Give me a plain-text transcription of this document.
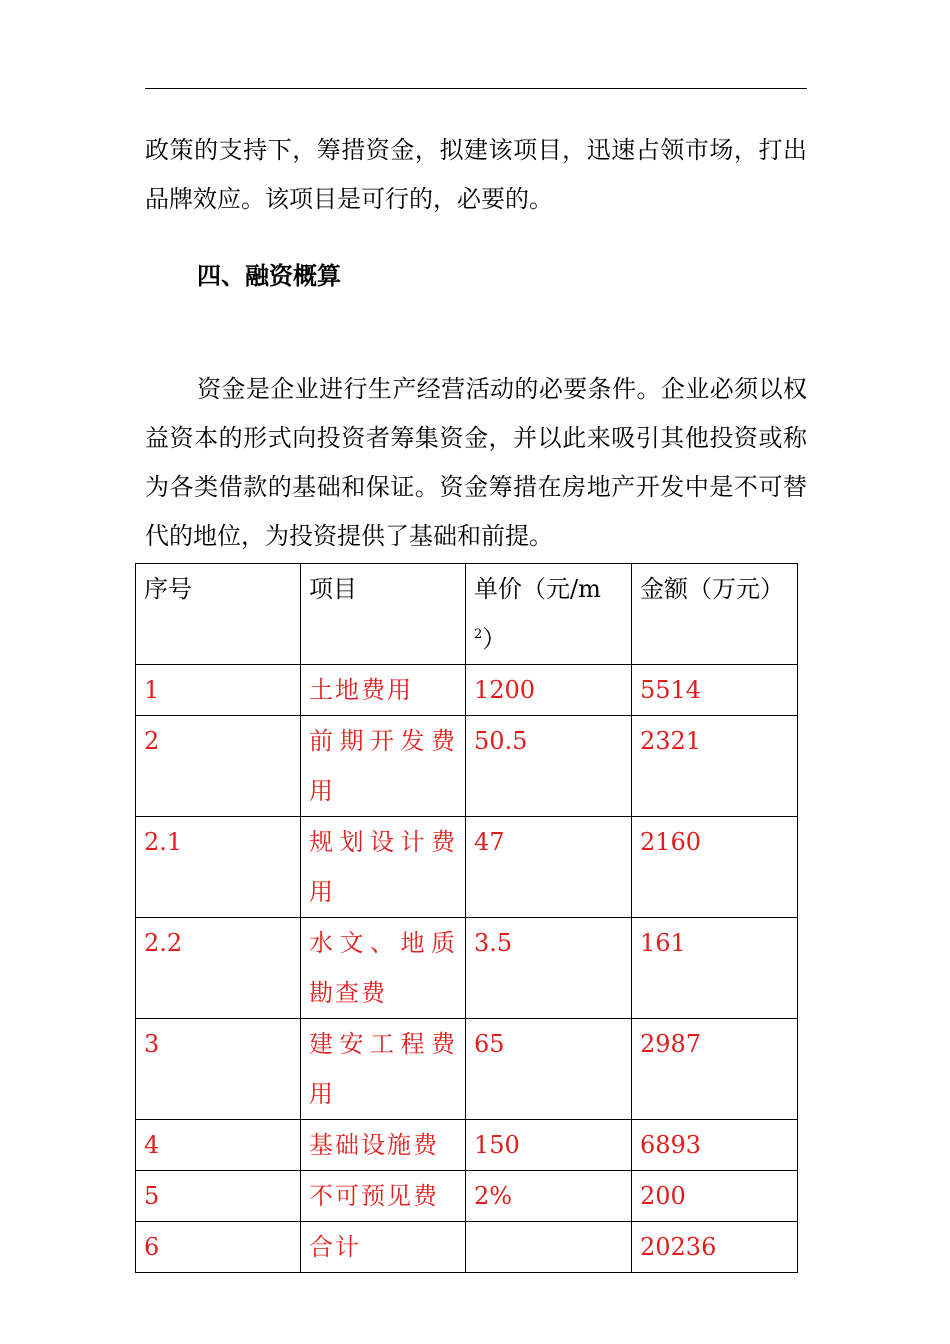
政策的支持下，筹措资金，拟建该项目，迅速占领市场，打出品牌效应。该项目是可行的，必要的。

四、融资概算

资金是企业进行生产经营活动的必要条件。企业必须以权益资本的形式向投资者筹集资金，并以此来吸引其他投资或称为各类借款的基础和保证。资金筹措在房地产开发中是不可替代的地位，为投资提供了基础和前提。

序号	项目	单价（元$/m^2$）	金额（万元）
1	土地费用	1200	5514
2	前期开发费用	50.5	2321
2.1	规划设计费用	47	2160
2.2	水文、地质勘查费	3.5	161
3	建安工程费用	65	2987
4	基础设施费	150	6893
5	不可预见费	2%	200
6	合计		20236
